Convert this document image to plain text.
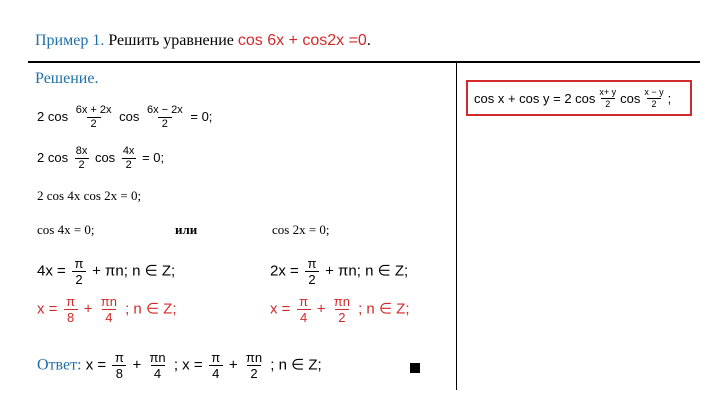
Пример 1. Решить уравнение cos 6x + cos2x =0.
Решение.
cos x + cos y = 2 $\cos \frac{x+ y}{2}$ $\cos \frac{x - y}{2}$ ;
2 $\cos \frac{6x + 2x}{2}$ $\cos \frac{6x - 2x}{2} = 0$;
2 $\cos \frac{8x}{2}$ $\cos \frac{4x}{2} = 0$;
2 cos 4x cos 2x = 0;
cos 4x = 0;	или	cos 2x = 0;
$4x = \frac{\pi}{2} + \pi n$; n ∈ Z;
$x = \frac{\pi}{8} + \frac{\pi n}{4}$ ; n ∈ Z;
$2x = \frac{\pi}{2} + \pi n$; n ∈ Z;
$x = \frac{\pi}{4} + \frac{\pi n}{2}$ ; n ∈ Z;
Ответ: $x = \frac{\pi}{8} + \frac{\pi n}{4}$ ; $x = \frac{\pi}{4} + \frac{\pi n}{2}$ ; n ∈ Z;
